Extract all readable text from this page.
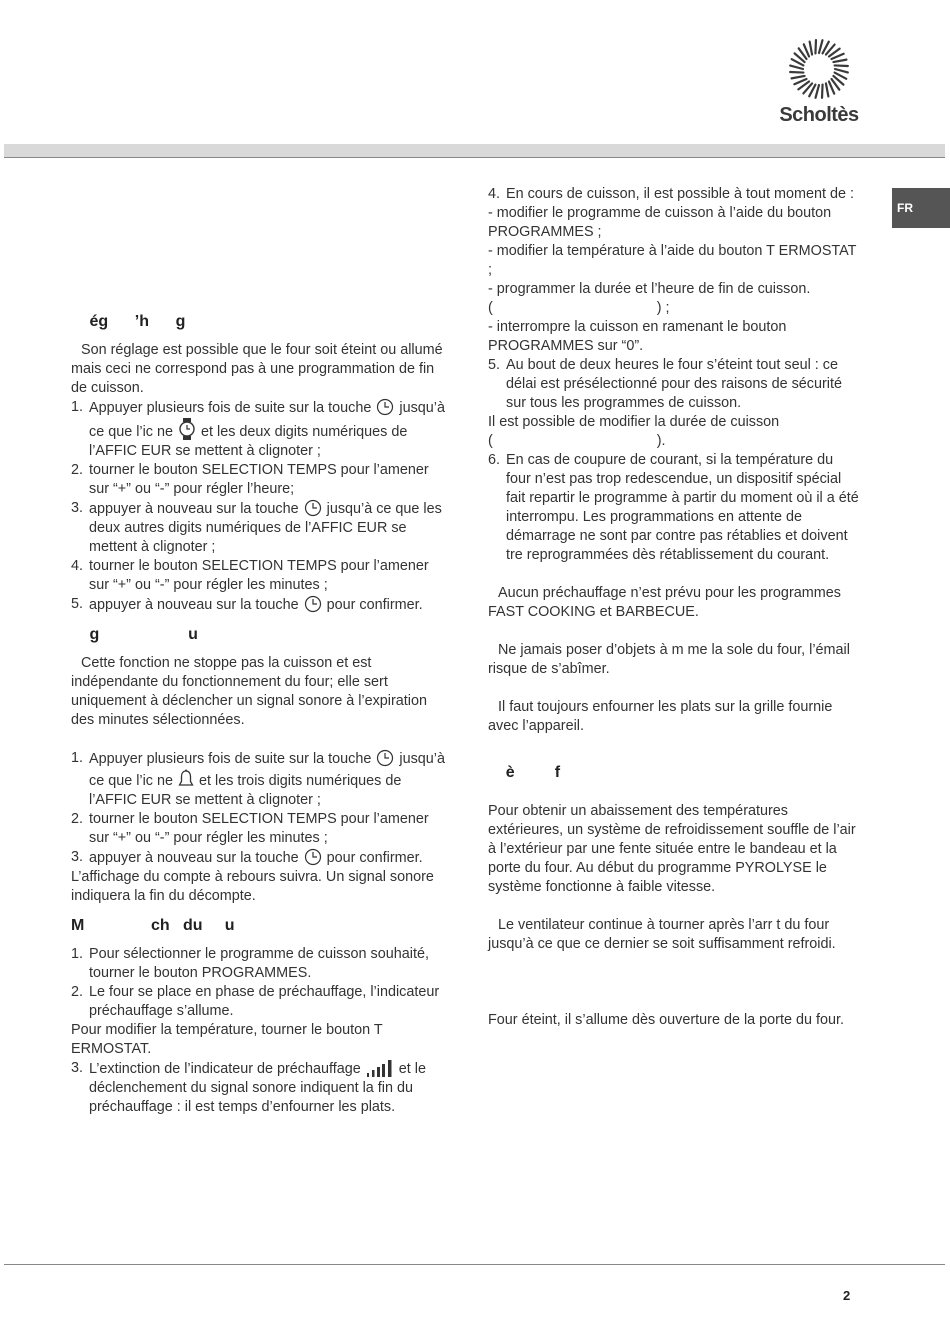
Scholtès
FR
ég      ’h      g

Son réglage est possible que le four soit éteint ou allumé mais ceci ne correspond pas à une programmation de fin de cuisson.

1. Appuyer plusieurs fois de suite sur la touche jusqu’à ce que l’ic ne et les deux digits numériques de l’AFFIC EUR se mettent à clignoter ;
2. tourner le bouton SELECTION TEMPS pour l’amener sur “+” ou “-” pour régler l’heure;
3. appuyer à nouveau sur la touche jusqu’à ce que les deux autres digits numériques de l’AFFIC EUR se mettent à clignoter ;
4. tourner le bouton SELECTION TEMPS pour l’amener sur “+” ou “-” pour régler les minutes ;
5. appuyer à nouveau sur la touche pour confirmer.
g                    u

Cette fonction ne stoppe pas la cuisson et est indépendante du fonctionnement du four; elle sert uniquement à déclencher un signal sonore à l’expiration des minutes sélectionnées.

1. Appuyer plusieurs fois de suite sur la touche jusqu’à ce que l’ic ne et les trois digits numériques de l’AFFIC EUR se mettent à clignoter ;
2. tourner le bouton SELECTION TEMPS pour l’amener sur “+” ou “-” pour régler les minutes ;
3. appuyer à nouveau sur la touche pour confirmer.

L’affichage du compte à rebours suivra. Un signal sonore indiquera la fin du décompte.

M               ch   du     u
1. Pour sélectionner le programme de cuisson souhaité, tourner le bouton PROGRAMMES.
2. Le four se place en phase de préchauffage, l’indicateur préchauffage s’allume.

Pour modifier la température, tourner le bouton T ERMOSTAT.

3. L’extinction de l’indicateur de préchauffage	et le déclenchement du signal sonore indiquent la fin du préchauffage : il est temps d’enfourner les plats.
4. En cours de cuisson, il est possible à tout moment de :

- modifier le programme de cuisson à l’aide du bouton PROGRAMMES ;

- modifier la température à l’aide du bouton T ERMOSTAT ;

- programmer la durée et l’heure de fin de cuisson.

(                                         ) ;

- interrompre la cuisson en ramenant le bouton PROGRAMMES sur “0”.

5. Au bout de deux heures le four s’éteint tout seul : ce délai est présélectionné pour des raisons de sécurité sur tous les programmes de cuisson.

Il est possible de modifier la durée de cuisson

(                                         ).

6. En cas de coupure de courant, si la température du four n’est pas trop redescendue, un dispositif spécial fait repartir le programme à partir du moment où il a été interrompu. Les programmations en attente de démarrage ne sont par contre pas rétablies et doivent tre reprogrammées dès rétablissement du courant.

Aucun préchauffage n’est prévu pour les programmes FAST COOKING et BARBECUE.

Ne jamais poser d’objets à m me la sole du four, l’émail risque de s’abîmer.

Il faut toujours enfourner les plats sur la grille fournie avec l’appareil.

è         f

Pour obtenir un abaissement des températures extérieures, un système de refroidissement souffle de l’air à l’extérieur par une fente située entre le bandeau et la porte du four. Au début du programme PYROLYSE le système fonctionne à faible vitesse.

Le ventilateur continue à tourner après l’arr t du four jusqu’à ce que ce dernier se soit suffisamment refroidi.

Four éteint, il s’allume dès ouverture de la porte du four.

2
